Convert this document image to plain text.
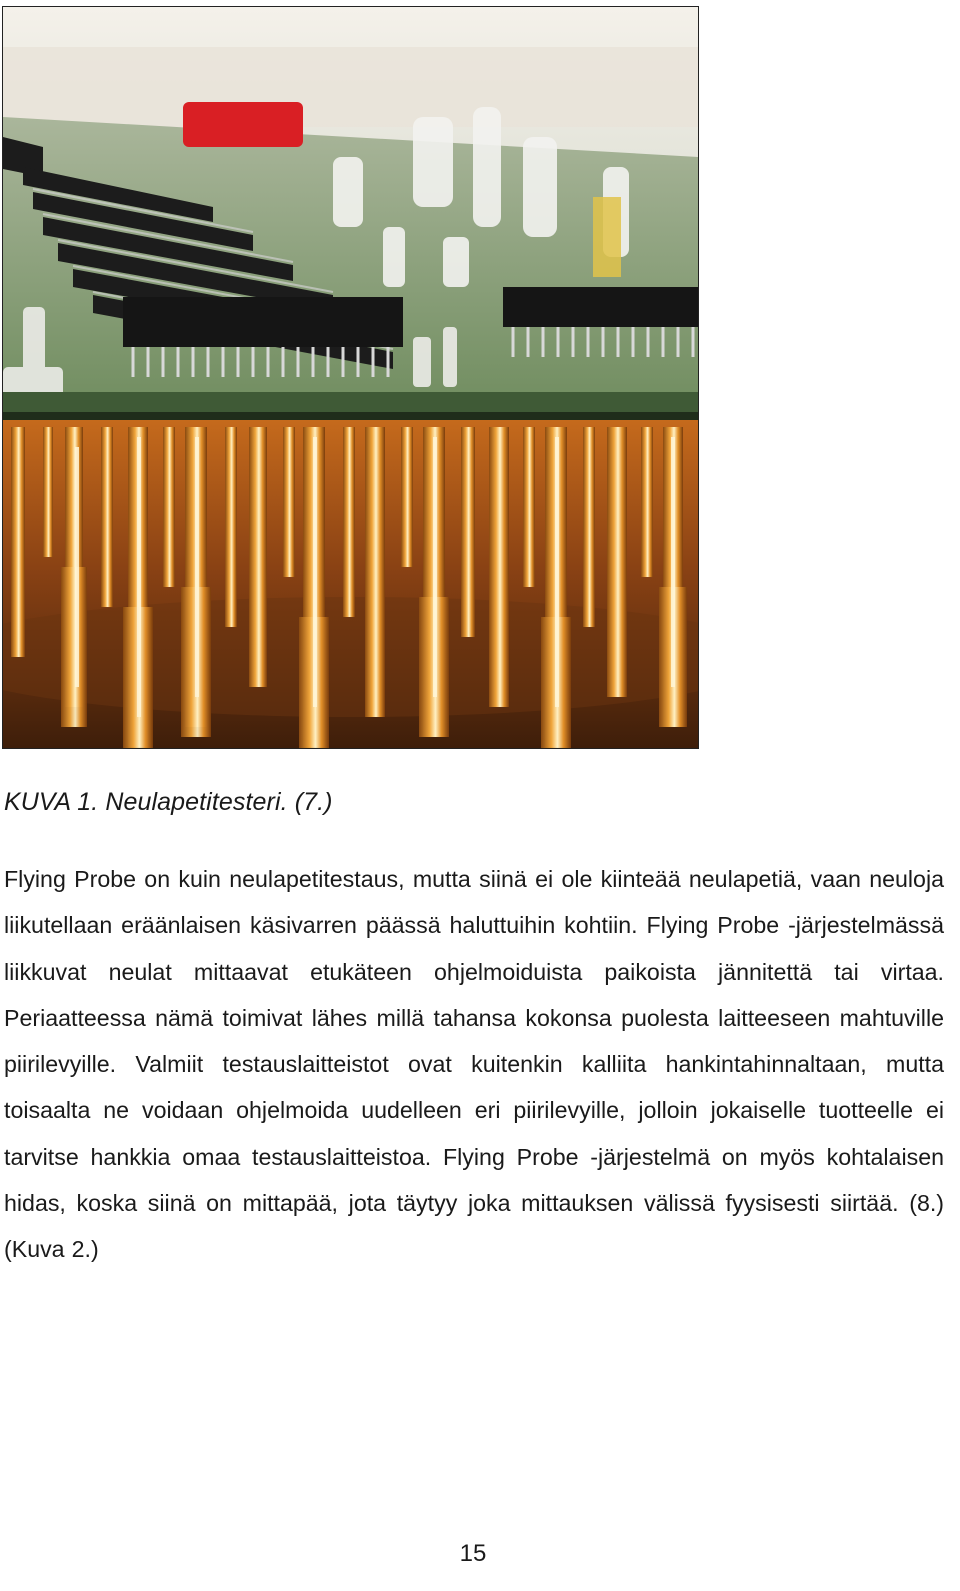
KUVA 1. Neulapetitesteri. (7.)

Flying Probe on kuin neulapetitestaus, mutta siinä ei ole kiinteää neulapetiä, vaan neuloja liikutellaan eräänlaisen käsivarren päässä haluttuihin kohtiin. Flying Probe -järjestelmässä liikkuvat neulat mittaavat etukäteen ohjelmoiduista paikoista jännitettä tai virtaa. Periaatteessa nämä toimivat lähes millä tahansa kokonsa puolesta laitteeseen mahtuville piirilevyille. Valmiit testauslaitteistot ovat kuitenkin kalliita hankintahinnaltaan, mutta toisaalta ne voidaan ohjelmoida uudelleen eri piirilevyille, jolloin jokaiselle tuotteelle ei tarvitse hankkia omaa testauslaitteistoa. Flying Probe -järjestelmä on myös kohtalaisen hidas, koska siinä on mittapää, jota täytyy joka mittauksen välissä fyysisesti siirtää. (8.) (Kuva 2.)

15
